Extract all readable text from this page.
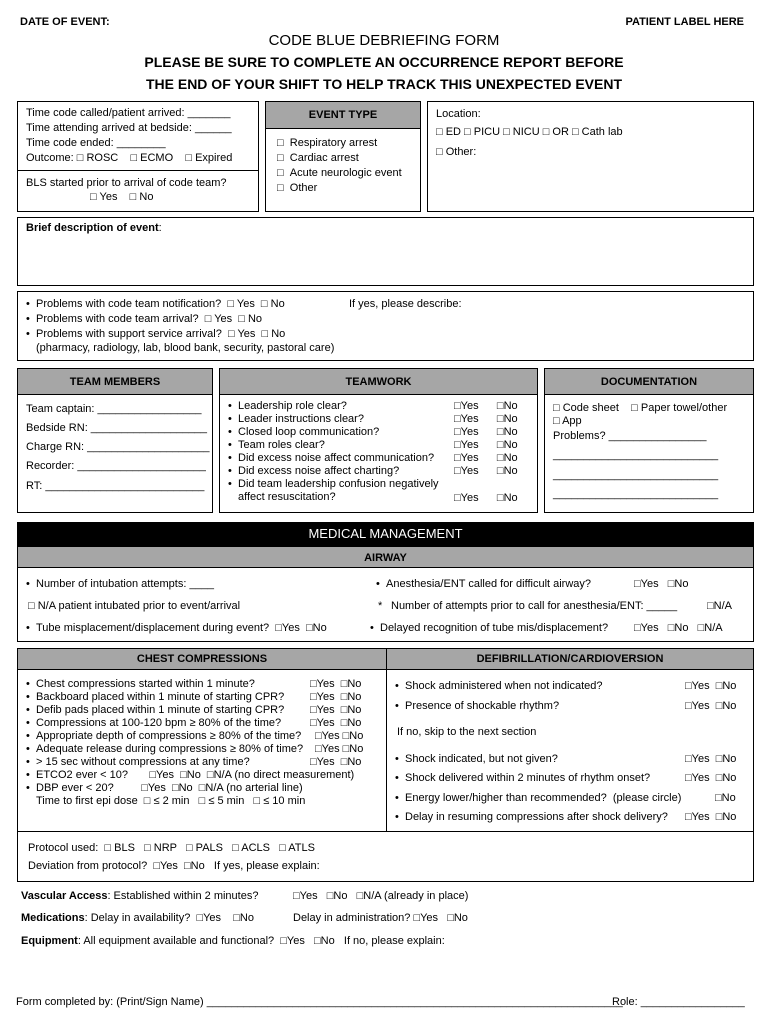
DATE OF EVENT:	PATIENT LABEL HERE
CODE BLUE DEBRIEFING FORM
PLEASE BE SURE TO COMPLETE AN OCCURRENCE REPORT BEFORE
THE END OF YOUR SHIFT TO HELP TRACK THIS UNEXPECTED EVENT
Time code called/patient arrived: _______
Time attending arrived at bedside: ______
Time code ended: ________
Outcome: □ ROSC    □ ECMO    □ Expired
BLS started prior to arrival of code team?
□ Yes    □ No
EVENT TYPE
□  Respiratory arrest
□  Cardiac arrest
□  Acute neurologic event
□  Other
Location:
□ ED □ PICU □ NICU □ OR □ Cath lab
□ Other:
Brief description of event:
• Problems with code team notification?  □ Yes  □ No	If yes, please describe:
• Problems with code team arrival?  □ Yes  □ No
• Problems with support service arrival?  □ Yes  □ No
(pharmacy, radiology, lab, blood bank, security, pastoral care)
TEAM MEMBERS
Team captain: _________________
Bedside RN: ___________________
Charge RN: ____________________
Recorder: _____________________
RT: __________________________
TEAMWORK
• Leadership role clear?	□Yes      □No
• Leader instructions clear?	□Yes      □No
• Closed loop communication?	□Yes      □No
• Team roles clear?	□Yes      □No
• Did excess noise affect communication? □Yes      □No
• Did excess noise affect charting?	□Yes      □No
• Did team leadership confusion negatively
affect resuscitation?	□Yes      □No
DOCUMENTATION
□ Code sheet    □ Paper towel/other
□ App
Problems? ________________
___________________________
___________________________
___________________________
MEDICAL MANAGEMENT
AIRWAY
• Number of intubation attempts: ____	• Anesthesia/ENT called for difficult airway?	□Yes   □No
□ N/A patient intubated prior to event/arrival	* Number of attempts prior to call for anesthesia/ENT: _____	□N/A
• Tube misplacement/displacement during event?  □Yes  □No	• Delayed recognition of tube mis/displacement? □Yes   □No   □N/A
CHEST COMPRESSIONS
• Chest compressions started within 1 minute?	□Yes  □No
• Backboard placed within 1 minute of starting CPR? □Yes  □No
• Defib pads placed within 1 minute of starting CPR? □Yes  □No
• Compressions at 100-120 bpm ≥ 80% of the time?	□Yes  □No
• Appropriate depth of compressions ≥ 80% of the time? □Yes □No
• Adequate release during compressions ≥ 80% of time? □Yes □No
• > 15 sec without compressions at any time?	□Yes  □No
• ETCO2 ever < 10?       □Yes  □No  □N/A (no direct measurement)
• DBP ever < 20?         □Yes  □No  □N/A (no arterial line)
Time to first epi dose  □ ≤ 2 min   □ ≤ 5 min   □ ≤ 10 min
DEFIBRILLATION/CARDIOVERSION
• Shock administered when not indicated?	□Yes  □No
• Presence of shockable rhythm?	□Yes  □No
If no, skip to the next section
• Shock indicated, but not given?	□Yes  □No
• Shock delivered within 2 minutes of rhythm onset?	□Yes  □No
• Energy lower/higher than recommended?  (please circle)	□No
• Delay in resuming compressions after shock delivery? □Yes  □No
Protocol used:  □ BLS   □ NRP   □ PALS   □ ACLS   □ ATLS
Deviation from protocol?  □Yes  □No   If yes, please explain:
Vascular Access: Established within 2 minutes?	□Yes   □No   □N/A (already in place)
Medications: Delay in availability?  □Yes    □No	Delay in administration? □Yes   □No
Equipment: All equipment available and functional?  □Yes   □No   If no, please explain:
Form completed by: (Print/Sign Name) ____________________________________________________________________
Role: _________________
